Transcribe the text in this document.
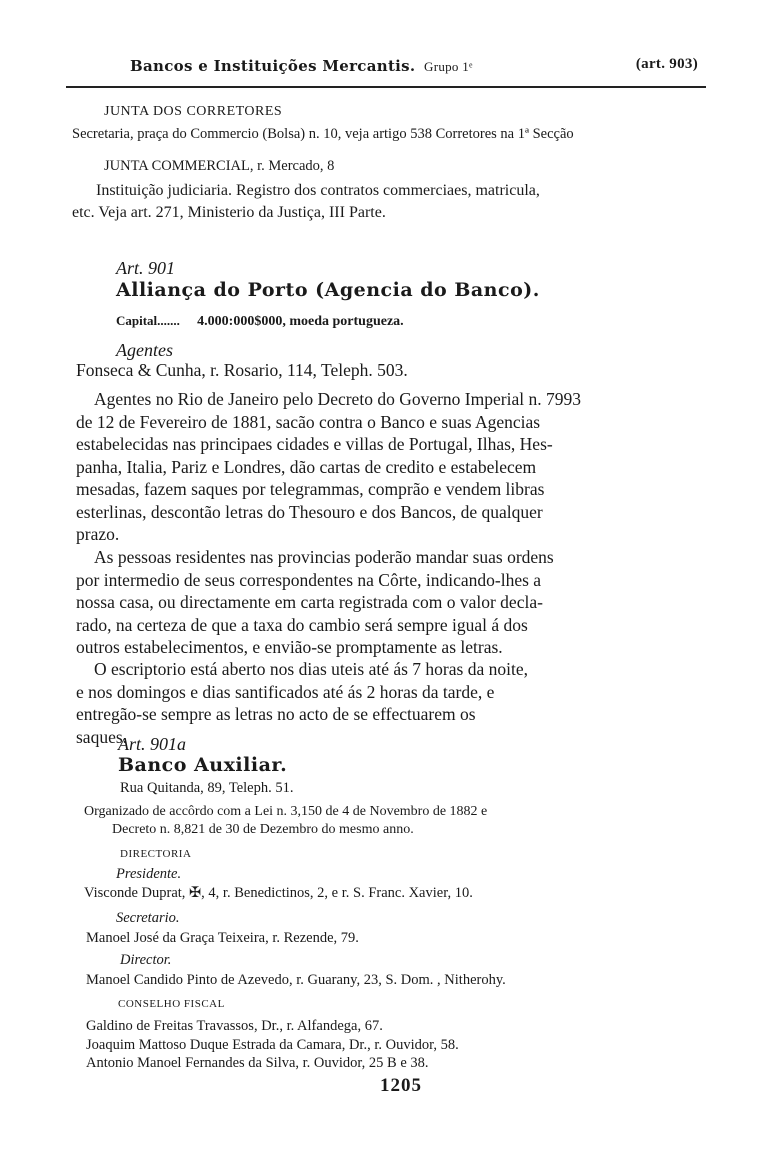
Bancos e Instituições Mercantis. Grupo 1ᵉ	(art. 903)
JUNTA DOS CORRETORES
Secretaria, praça do Commercio (Bolsa) n. 10, veja artigo 538 Corretores na 1ª Secção
JUNTA COMMERCIAL, r. Mercado, 8
Instituição judiciaria. Registro dos contratos commerciaes, matricula,
etc. Veja art. 271, Ministerio da Justiça, III Parte.
Art. 901
Alliança do Porto (Agencia do Banco).
Capital....... 4.000:000$000, moeda portugueza.
Agentes
Fonseca & Cunha, r. Rosario, 114, Teleph. 503.
Agentes no Rio de Janeiro pelo Decreto do Governo Imperial n. 7993
de 12 de Fevereiro de 1881, sacão contra o Banco e suas Agencias
estabelecidas nas principaes cidades e villas de Portugal, Ilhas, Hes-
panha, Italia, Pariz e Londres, dão cartas de credito e estabelecem
mesadas, fazem saques por telegrammas, comprão e vendem libras
esterlinas, descontão letras do Thesouro e dos Bancos, de qualquer
prazo.
As pessoas residentes nas provincias poderão mandar suas ordens
por intermedio de seus correspondentes na Côrte, indicando-lhes a
nossa casa, ou directamente em carta registrada com o valor decla-
rado, na certeza de que a taxa do cambio será sempre igual á dos
outros estabelecimentos, e envião-se promptamente as letras.
O escriptorio está aberto nos dias uteis até ás 7 horas da noite,
e nos domingos e dias santificados até ás 2 horas da tarde, e
entregão-se sempre as letras no acto de se effectuarem os
saques.
Art. 901a
Banco Auxiliar.
Rua Quitanda, 89, Teleph. 51.
Organizado de accôrdo com a Lei n. 3,150 de 4 de Novembro de 1882 e
Decreto n. 8,821 de 30 de Dezembro do mesmo anno.
DIRECTORIA
Presidente.
Visconde Duprat, ✠, 4, r. Benedictinos, 2, e r. S. Franc. Xavier, 10.
Secretario.
Manoel José da Graça Teixeira, r. Rezende, 79.
Director.
Manoel Candido Pinto de Azevedo, r. Guarany, 23, S. Dom. , Nitherohy.
CONSELHO FISCAL
Galdino de Freitas Travassos, Dr., r. Alfandega, 67.
Joaquim Mattoso Duque Estrada da Camara, Dr., r. Ouvidor, 58.
Antonio Manoel Fernandes da Silva, r. Ouvidor, 25 B e 38.
1205
